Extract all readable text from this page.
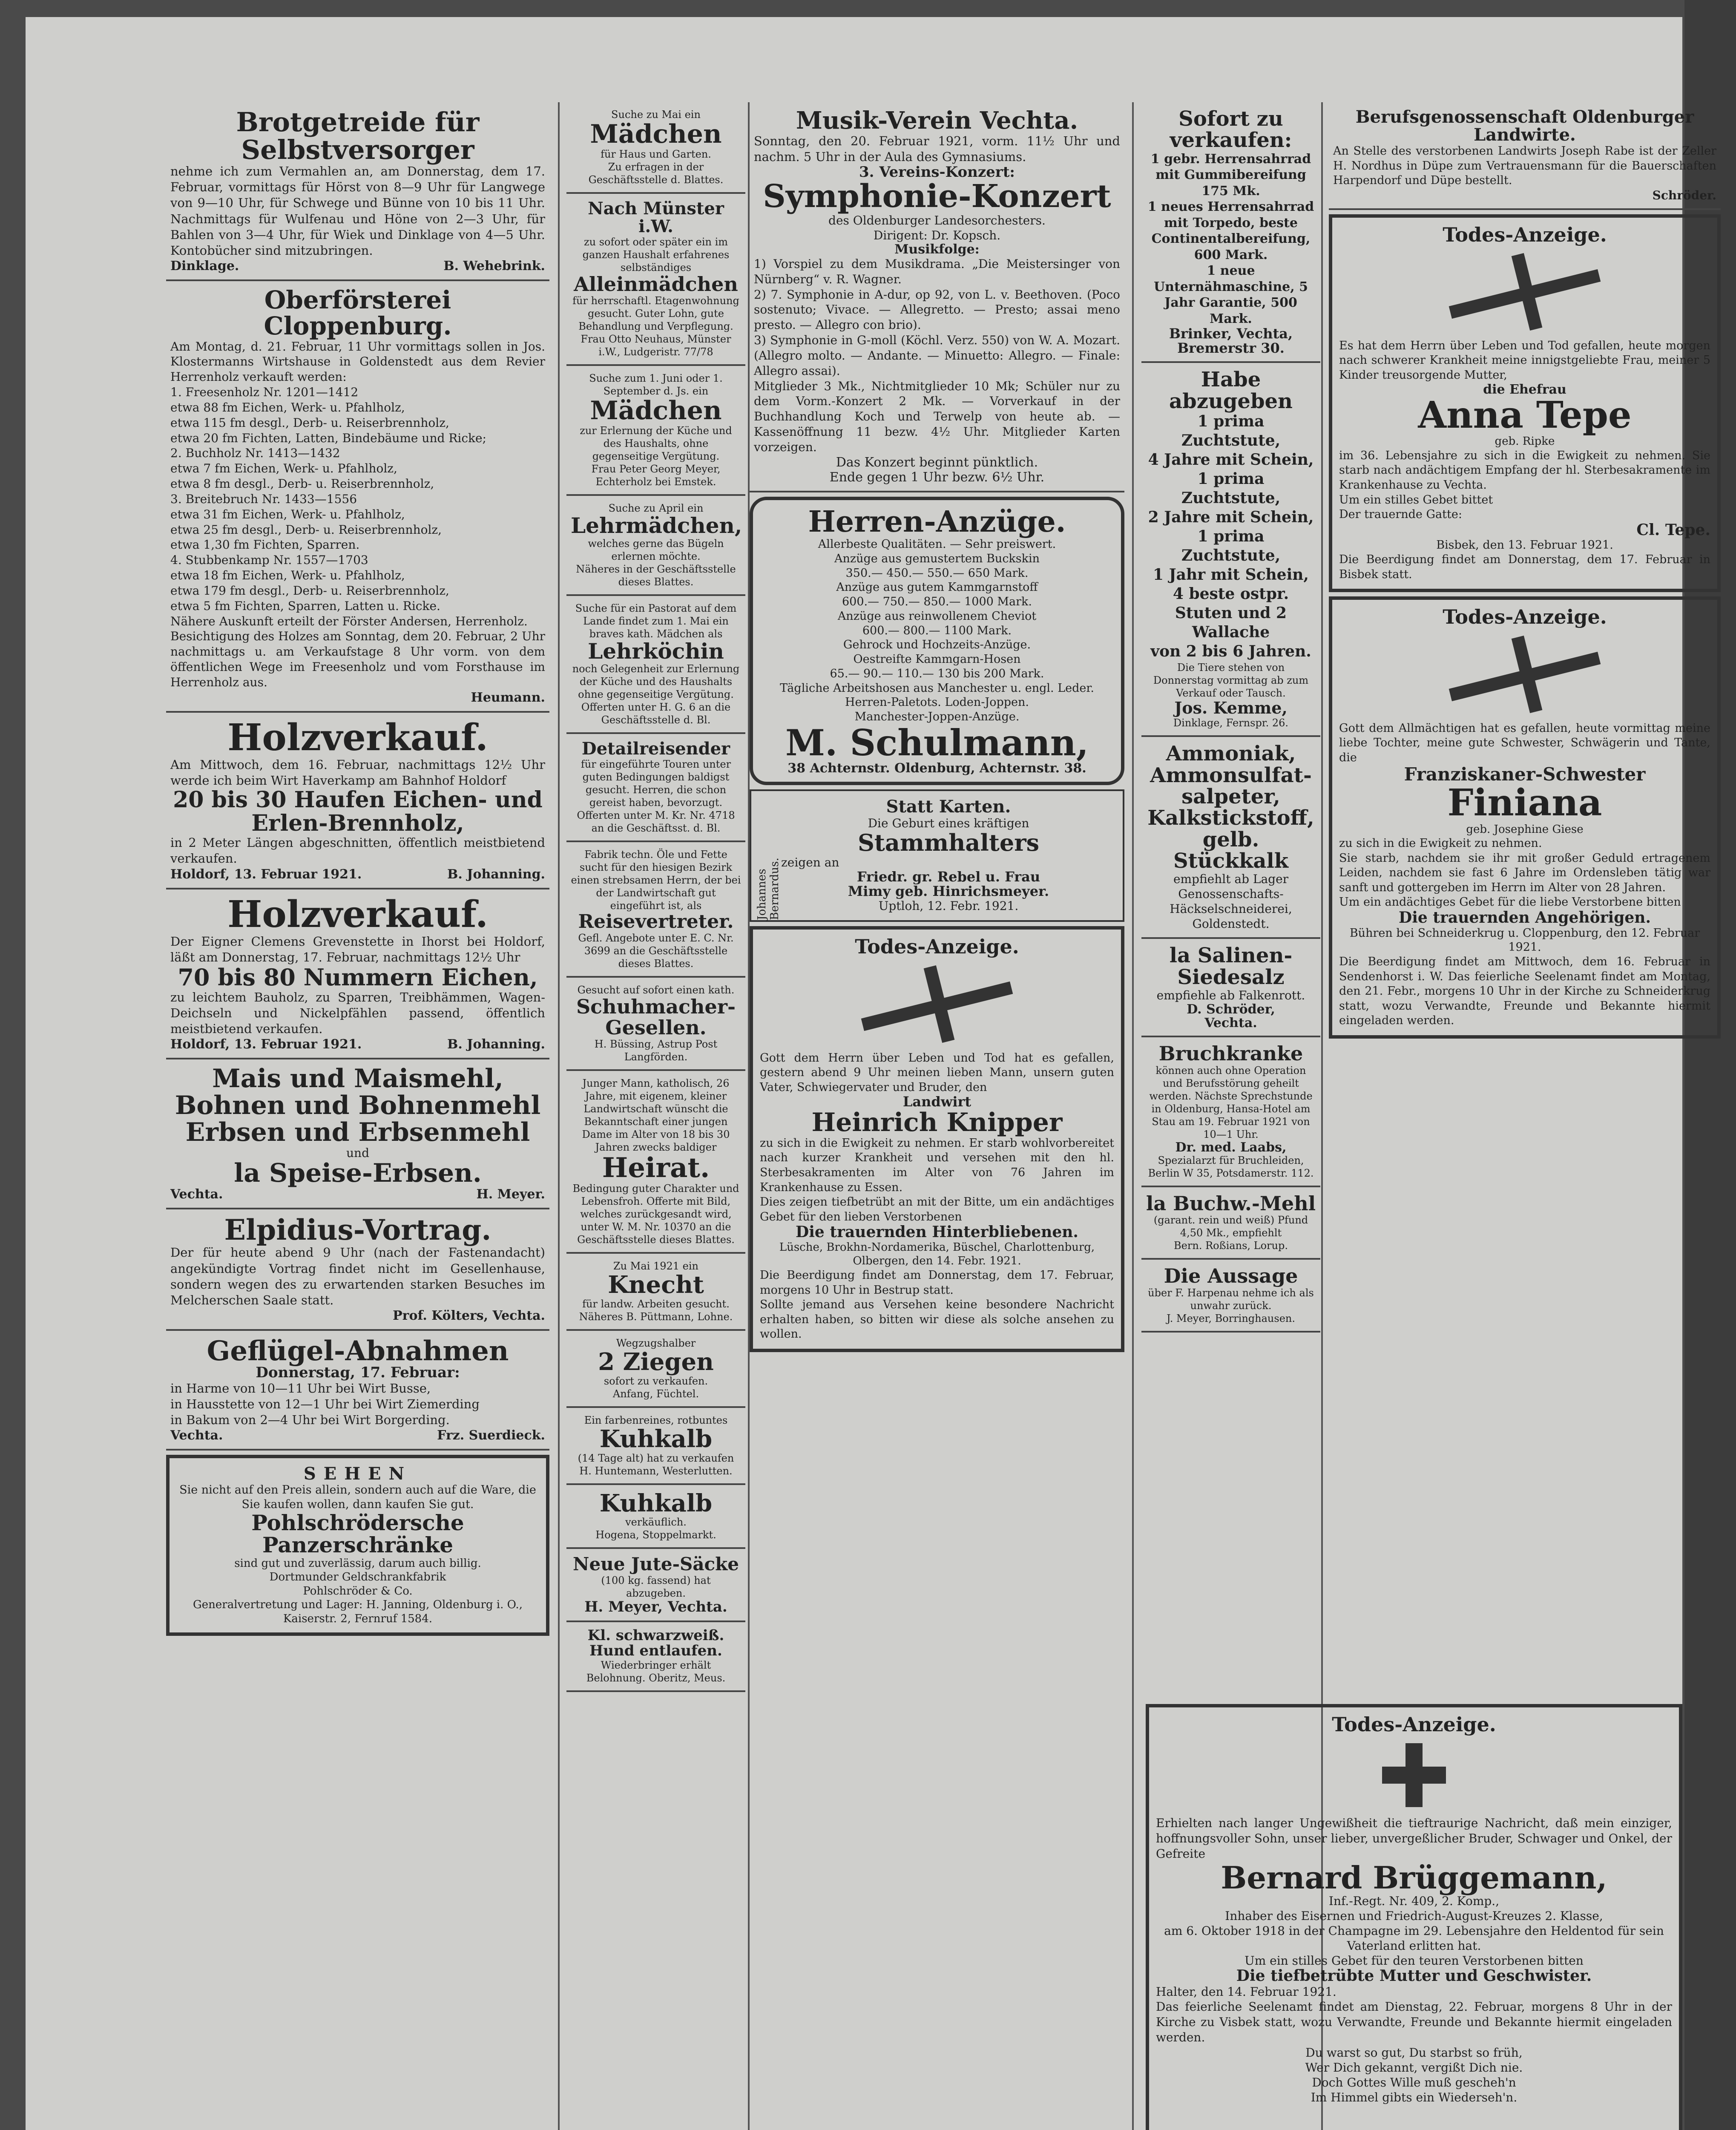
Brotgetreide für Selbstversorger
nehme ich zum Vermahlen an, am Donnerstag, dem 17. Februar, vormittags für Hörst von 8—9 Uhr für Langwege von 9—10 Uhr, für Schwege und Bünne von 10 bis 11 Uhr. Nachmittags für Wulfenau und Höne von 2—3 Uhr, für Bahlen von 3—4 Uhr, für Wiek und Dinklage von 4—5 Uhr. Kontobücher sind mitzubringen.
Dinklage.	B. Wehebrink.
Oberförsterei Cloppenburg.
Am Montag, d. 21. Februar, 11 Uhr vormittags sollen in Jos. Klostermanns Wirtshause in Goldenstedt aus dem Revier Herrenholz verkauft werden:
1. Freesenholz Nr. 1201—1412
etwa 88 fm Eichen, Werk- u. Pfahlholz,
etwa 115 fm desgl., Derb- u. Reiserbrennholz,
etwa 20 fm Fichten, Latten, Bindebäume und Ricke;
2. Buchholz Nr. 1413—1432
etwa 7 fm Eichen, Werk- u. Pfahlholz,
etwa 8 fm desgl., Derb- u. Reiserbrennholz,
3. Breitebruch Nr. 1433—1556
etwa 31 fm Eichen, Werk- u. Pfahlholz,
etwa 25 fm desgl., Derb- u. Reiserbrennholz,
etwa 1,30 fm Fichten, Sparren.
4. Stubbenkamp Nr. 1557—1703
etwa 18 fm Eichen, Werk- u. Pfahlholz,
etwa 179 fm desgl., Derb- u. Reiserbrennholz,
etwa 5 fm Fichten, Sparren, Latten u. Ricke.
Nähere Auskunft erteilt der Förster Andersen, Herrenholz.
Besichtigung des Holzes am Sonntag, dem 20. Februar, 2 Uhr nachmittags u. am Verkaufstage 8 Uhr vorm. von dem öffentlichen Wege im Freesenholz und vom Forsthause im Herrenholz aus.
Heumann.
Holzverkauf.
Am Mittwoch, dem 16. Februar, nachmittags 12½ Uhr werde ich beim Wirt Haverkamp am Bahnhof Holdorf
20 bis 30 Haufen Eichen- und Erlen-Brennholz,
in 2 Meter Längen abgeschnitten, öffentlich meistbietend verkaufen.
Holdorf, 13. Februar 1921.	B. Johanning.
Holzverkauf.
Der Eigner Clemens Grevenstette in Ihorst bei Holdorf, läßt am Donnerstag, 17. Februar, nachmittags 12½ Uhr
70 bis 80 Nummern Eichen,
zu leichtem Bauholz, zu Sparren, Treibhämmen, Wagen-Deichseln und Nickelpfählen passend, öffentlich meistbietend verkaufen.
Holdorf, 13. Februar 1921.	B. Johanning.
Mais und Maismehl,
Bohnen und Bohnenmehl
Erbsen und Erbsenmehl
und
la Speise-Erbsen.
Vechta.	H. Meyer.
Elpidius-Vortrag.
Der für heute abend 9 Uhr (nach der Fastenandacht) angekündigte Vortrag findet nicht im Gesellenhause, sondern wegen des zu erwartenden starken Besuches im Melcherschen Saale statt.
Prof. Költers, Vechta.
Geflügel-Abnahmen
Donnerstag, 17. Februar:
in Harme von 10—11 Uhr bei Wirt Busse,
in Hausstette von 12—1 Uhr bei Wirt Ziemerding
in Bakum von 2—4 Uhr bei Wirt Borgerding.
Vechta.	Frz. Suerdieck.
SEHEN
Sie nicht auf den Preis allein, sondern auch auf die Ware, die Sie kaufen wollen, dann kaufen Sie gut.
Pohlschrödersche
Panzerschränke
sind gut und zuverlässig, darum auch billig.
Dortmunder Geldschrankfabrik
Pohlschröder & Co.
Generalvertretung und Lager: H. Janning, Oldenburg i. O., Kaiserstr. 2, Fernruf 1584.
Suche zu Mai ein
Mädchen
für Haus und Garten.
Zu erfragen in der Geschäftsstelle d. Blattes.
Nach Münster i.W.
zu sofort oder später ein im ganzen Haushalt erfahrenes selbständiges
Alleinmädchen
für herrschaftl. Etagenwohnung gesucht. Guter Lohn, gute Behandlung und Verpflegung.
Frau Otto Neuhaus, Münster i.W., Ludgeristr. 77/78
Suche zum 1. Juni oder 1. September d. Js. ein
Mädchen
zur Erlernung der Küche und des Haushalts, ohne gegenseitige Vergütung.
Frau Peter Georg Meyer, Echterholz bei Emstek.
Suche zu April ein
Lehrmädchen,
welches gerne das Bügeln erlernen möchte.
Näheres in der Geschäftsstelle dieses Blattes.
Suche für ein Pastorat auf dem Lande findet zum 1. Mai ein braves kath. Mädchen als
Lehrköchin
noch Gelegenheit zur Erlernung der Küche und des Haushalts ohne gegenseitige Vergütung. Offerten unter H. G. 6 an die Geschäftsstelle d. Bl.
Detailreisender
für eingeführte Touren unter guten Bedingungen baldigst gesucht. Herren, die schon gereist haben, bevorzugt. Offerten unter M. Kr. Nr. 4718 an die Geschäftsst. d. Bl.
Fabrik techn. Öle und Fette sucht für den hiesigen Bezirk einen strebsamen Herrn, der bei der Landwirtschaft gut eingeführt ist, als
Reisevertreter.
Gefl. Angebote unter E. C. Nr. 3699 an die Geschäftsstelle dieses Blattes.
Gesucht auf sofort einen kath.
Schuhmacher-Gesellen.
H. Büssing, Astrup Post Langförden.
Junger Mann, katholisch, 26 Jahre, mit eigenem, kleiner Landwirtschaft wünscht die Bekanntschaft einer jungen Dame im Alter von 18 bis 30 Jahren zwecks baldiger
Heirat.
Bedingung guter Charakter und Lebensfroh. Offerte mit Bild, welches zurückgesandt wird, unter W. M. Nr. 10370 an die Geschäftsstelle dieses Blattes.
Zu Mai 1921 ein
Knecht
für landw. Arbeiten gesucht.
Näheres B. Püttmann, Lohne.
Wegzugshalber
2 Ziegen
sofort zu verkaufen.
Anfang, Füchtel.
Ein farbenreines, rotbuntes
Kuhkalb
(14 Tage alt) hat zu verkaufen
H. Huntemann, Westerlutten.
Kuhkalb
verkäuflich.
Hogena, Stoppelmarkt.
Neue Jute-Säcke
(100 kg. fassend) hat abzugeben.
H. Meyer, Vechta.
Kl. schwarzweiß. Hund entlaufen.
Wiederbringer erhält Belohnung. Oberitz, Meus.
Musik-Verein Vechta.
Sonntag, den 20. Februar 1921, vorm. 11½ Uhr und nachm. 5 Uhr in der Aula des Gymnasiums.
3. Vereins-Konzert:
Symphonie-Konzert
des Oldenburger Landesorchesters.
Dirigent: Dr. Kopsch.
Musikfolge:
1) Vorspiel zu dem Musikdrama. „Die Meistersinger von Nürnberg“ v. R. Wagner.
2) 7. Symphonie in A-dur, op 92, von L. v. Beethoven. (Poco sostenuto; Vivace. — Allegretto. — Presto; assai meno presto. — Allegro con brio).
3) Symphonie in G-moll (Köchl. Verz. 550) von W. A. Mozart. (Allegro molto. — Andante. — Minuetto: Allegro. — Finale: Allegro assai).
Mitglieder 3 Mk., Nichtmitglieder 10 Mk; Schüler nur zu dem Vorm.-Konzert 2 Mk. — Vorverkauf in der Buchhandlung Koch und Terwelp von heute ab. — Kassenöffnung 11 bezw. 4½ Uhr. Mitglieder Karten vorzeigen.
Das Konzert beginnt pünktlich.
Ende gegen 1 Uhr bezw. 6½ Uhr.
Herren-Anzüge.
Allerbeste Qualitäten. — Sehr preiswert.
Anzüge aus gemustertem Buckskin
350.— 450.— 550.— 650 Mark.
Anzüge aus gutem Kammgarnstoff
600.— 750.— 850.— 1000 Mark.
Anzüge aus reinwollenem Cheviot
600.— 800.— 1100 Mark.
Gehrock und Hochzeits-Anzüge.
Oestreifte Kammgarn-Hosen
65.— 90.— 110.— 130 bis 200 Mark.
Tägliche Arbeitshosen aus Manchester u. engl. Leder.
Herren-Paletots. Loden-Joppen.
Manchester-Joppen-Anzüge.
M. Schulmann,
38 Achternstr. Oldenburg, Achternstr. 38.
Johannes Bernardus.
Statt Karten.
Die Geburt eines kräftigen
Stammhalters
zeigen an
Friedr. gr. Rebel u. Frau
Mimy geb. Hinrichsmeyer.
Uptloh, 12. Febr. 1921.
Todes-Anzeige.
Gott dem Herrn über Leben und Tod hat es gefallen, gestern abend 9 Uhr meinen lieben Mann, unsern guten Vater, Schwiegervater und Bruder, den
Landwirt
Heinrich Knipper
zu sich in die Ewigkeit zu nehmen. Er starb wohlvorbereitet nach kurzer Krankheit und versehen mit den hl. Sterbesakramenten im Alter von 76 Jahren im Krankenhause zu Essen.
Dies zeigen tiefbetrübt an mit der Bitte, um ein andächtiges Gebet für den lieben Verstorbenen
Die trauernden Hinterbliebenen.
Lüsche, Brokhn-Nordamerika, Büschel, Charlottenburg, Olbergen, den 14. Febr. 1921.
Die Beerdigung findet am Donnerstag, dem 17. Februar, morgens 10 Uhr in Bestrup statt.
Sollte jemand aus Versehen keine besondere Nachricht erhalten haben, so bitten wir diese als solche ansehen zu wollen.
Sofort zu verkaufen:
1 gebr. Herrensahrrad
mit Gummibereifung 175 Mk.
1 neues Herrensahrrad
mit Torpedo, beste Continentalbereifung, 600 Mark.
1 neue Unternähmaschine, 5 Jahr Garantie, 500 Mark.
Brinker, Vechta,
Bremerstr 30.
Habe abzugeben
1 prima Zuchtstute,
4 Jahre mit Schein,
1 prima Zuchtstute,
2 Jahre mit Schein,
1 prima Zuchtstute,
1 Jahr mit Schein,
4 beste ostpr. Stuten und 2 Wallache
von 2 bis 6 Jahren.
Die Tiere stehen von Donnerstag vormittag ab zum Verkauf oder Tausch.
Jos. Kemme,
Dinklage, Fernspr. 26.
Ammoniak, Ammonsulfat-salpeter, Kalkstickstoff, gelb. Stückkalk
empfiehlt ab Lager
Genossenschafts-Häckselschneiderei, Goldenstedt.
la Salinen-Siedesalz
empfiehle ab Falkenrott.
D. Schröder,
Vechta.
Bruchkranke
können auch ohne Operation und Berufsstörung geheilt werden. Nächste Sprechstunde in Oldenburg, Hansa-Hotel am Stau am 19. Februar 1921 von 10—1 Uhr.
Dr. med. Laabs,
Spezialarzt für Bruchleiden, Berlin W 35, Potsdamerstr. 112.
la Buchw.-Mehl
(garant. rein und weiß) Pfund 4,50 Mk., empfiehlt
Bern. Roßians, Lorup.
Die Aussage
über F. Harpenau nehme ich als unwahr zurück.
J. Meyer, Borringhausen.
Berufsgenossenschaft Oldenburger Landwirte.
An Stelle des verstorbenen Landwirts Joseph Rabe ist der Zeller H. Nordhus in Düpe zum Vertrauensmann für die Bauerschaften Harpendorf und Düpe bestellt.
Schröder.
Todes-Anzeige.
Es hat dem Herrn über Leben und Tod gefallen, heute morgen nach schwerer Krankheit meine innigstgeliebte Frau, meiner 5 Kinder treusorgende Mutter,
die Ehefrau
Anna Tepe
geb. Ripke
im 36. Lebensjahre zu sich in die Ewigkeit zu nehmen. Sie starb nach andächtigem Empfang der hl. Sterbesakramente im Krankenhause zu Vechta.
Um ein stilles Gebet bittet
Der trauernde Gatte:
Cl. Tepe.
Bisbek, den 13. Februar 1921.
Die Beerdigung findet am Donnerstag, dem 17. Februar in Bisbek statt.
Todes-Anzeige.
Gott dem Allmächtigen hat es gefallen, heute vormittag meine liebe Tochter, meine gute Schwester, Schwägerin und Tante, die
Franziskaner-Schwester
Finiana
geb. Josephine Giese
zu sich in die Ewigkeit zu nehmen.
Sie starb, nachdem sie ihr mit großer Geduld ertragenem Leiden, nachdem sie fast 6 Jahre im Ordensleben tätig war sanft und gottergeben im Herrn im Alter von 28 Jahren.
Um ein andächtiges Gebet für die liebe Verstorbene bitten
Die trauernden Angehörigen.
Bühren bei Schneiderkrug u. Cloppenburg, den 12. Februar 1921.
Die Beerdigung findet am Mittwoch, dem 16. Februar in Sendenhorst i. W. Das feierliche Seelenamt findet am Montag, den 21. Febr., morgens 10 Uhr in der Kirche zu Schneiderkrug statt, wozu Verwandte, Freunde und Bekannte hiermit eingeladen werden.
Todes-Anzeige.
Erhielten nach langer Ungewißheit die tieftraurige Nachricht, daß mein einziger, hoffnungsvoller Sohn, unser lieber, unvergeßlicher Bruder, Schwager und Onkel, der Gefreite
Bernard Brüggemann,
Inf.-Regt. Nr. 409, 2. Komp.,
Inhaber des Eisernen und Friedrich-August-Kreuzes 2. Klasse,
am 6. Oktober 1918 in der Champagne im 29. Lebensjahre den Heldentod für sein Vaterland erlitten hat.
Um ein stilles Gebet für den teuren Verstorbenen bitten
Die tiefbetrübte Mutter und Geschwister.
Halter, den 14. Februar 1921.
Das feierliche Seelenamt findet am Dienstag, 22. Februar, morgens 8 Uhr in der Kirche zu Visbek statt, wozu Verwandte, Freunde und Bekannte hiermit eingeladen werden.
Du warst so gut, Du starbst so früh,
Wer Dich gekannt, vergißt Dich nie.
Doch Gottes Wille muß gescheh'n
Im Himmel gibts ein Wiederseh'n.
